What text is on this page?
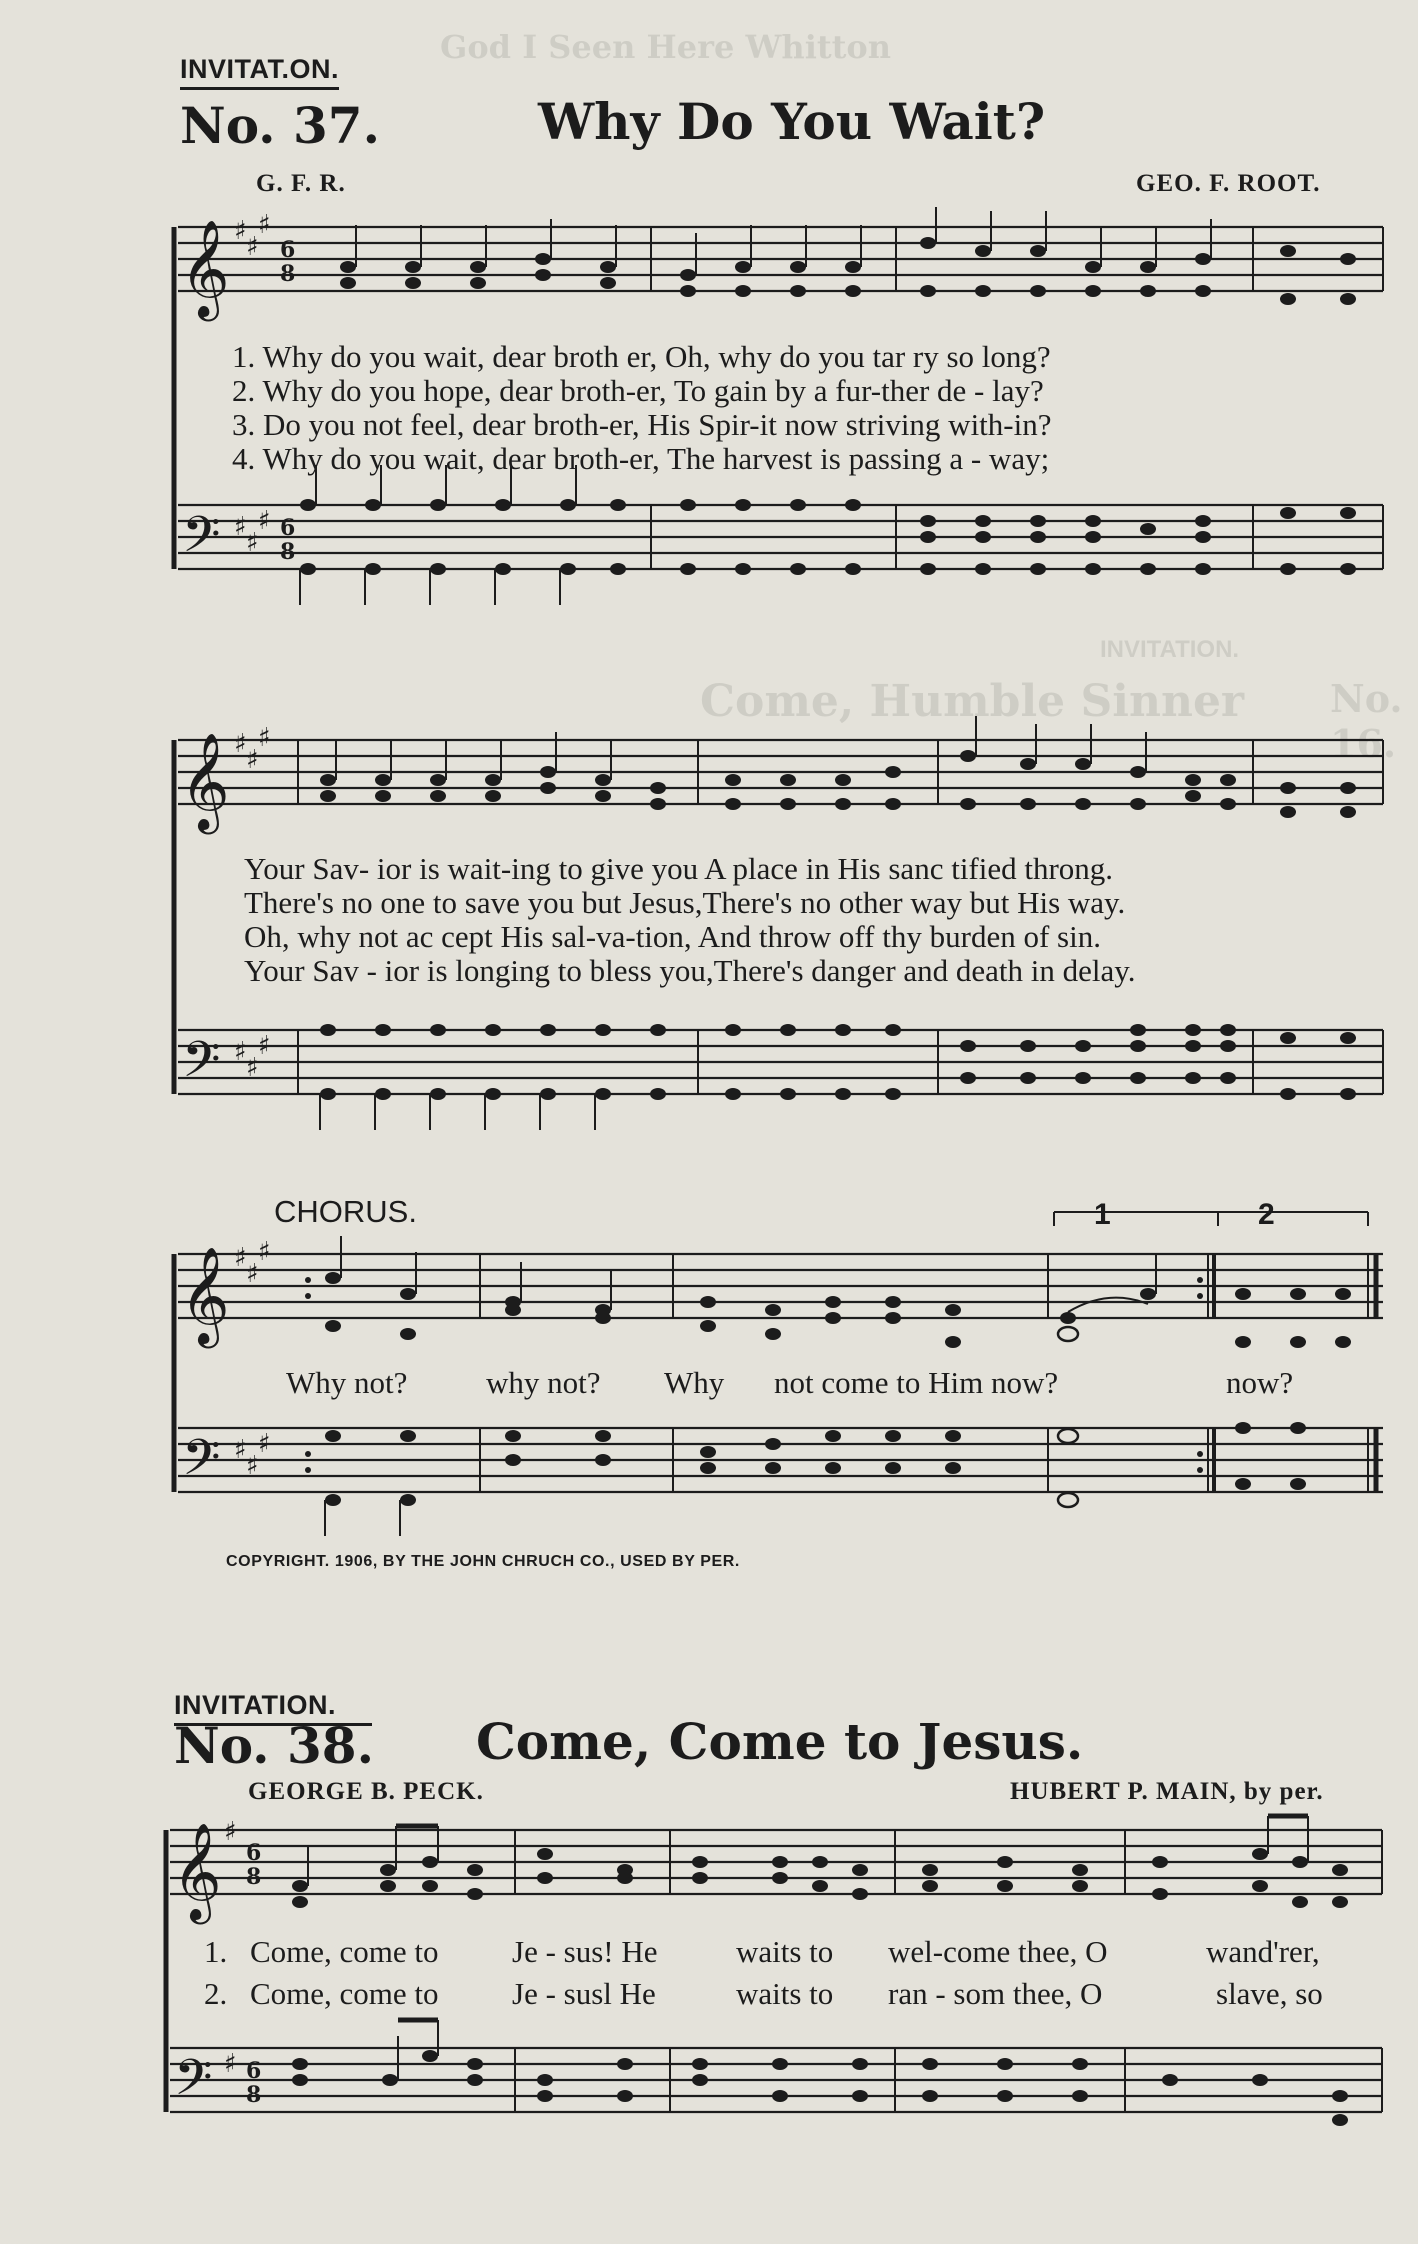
God I Seen Here Whitton
INVITATION.
No. 16.
Come, Humble Sinner
INVITAT.ON.
No. 37.	Why Do You Wait?
G. F. R.	GEO. F. ROOT.
𝄞
𝄢
♯
♯
♯
♯
♯
♯
6
8
6
8
1. Why do you wait, dear broth er, Oh, why do you tar ry so long?
2. Why do you hope, dear broth-er, To gain by a fur-ther de - lay?
3. Do you not feel, dear broth-er, His Spir-it now striving with-in?
4. Why do you wait, dear broth-er, The harvest is passing a - way;
𝄞
𝄢
♯
♯
♯
♯
♯
♯
Your Sav- ior is wait-ing to give you A place in His sanc tified throng.
There's no one to save you but Jesus,There's no other way but His way.
Oh, why not ac cept His sal-va-tion, And throw off thy burden of sin.
Your Sav - ior is longing to bless you,There's danger and death in delay.
CHORUS.
𝄞
𝄢
♯
♯
♯
♯
♯
♯
1	2
Why not?	why not? Why not come to Him now?	now?
COPYRIGHT. 1906, BY THE JOHN CHRUCH CO., USED BY PER.
INVITATION.
No. 38. Come, Come to Jesus.
GEORGE B. PECK.	HUBERT P. MAIN, by per.
𝄞
𝄢
♯
♯
6
8
6
8
1. Come, come to Je - sus! He	waits to wel-come thee, O	wand'rer,
2. Come, come to Je - susl He	waits to ran - som thee, O	slave, so
